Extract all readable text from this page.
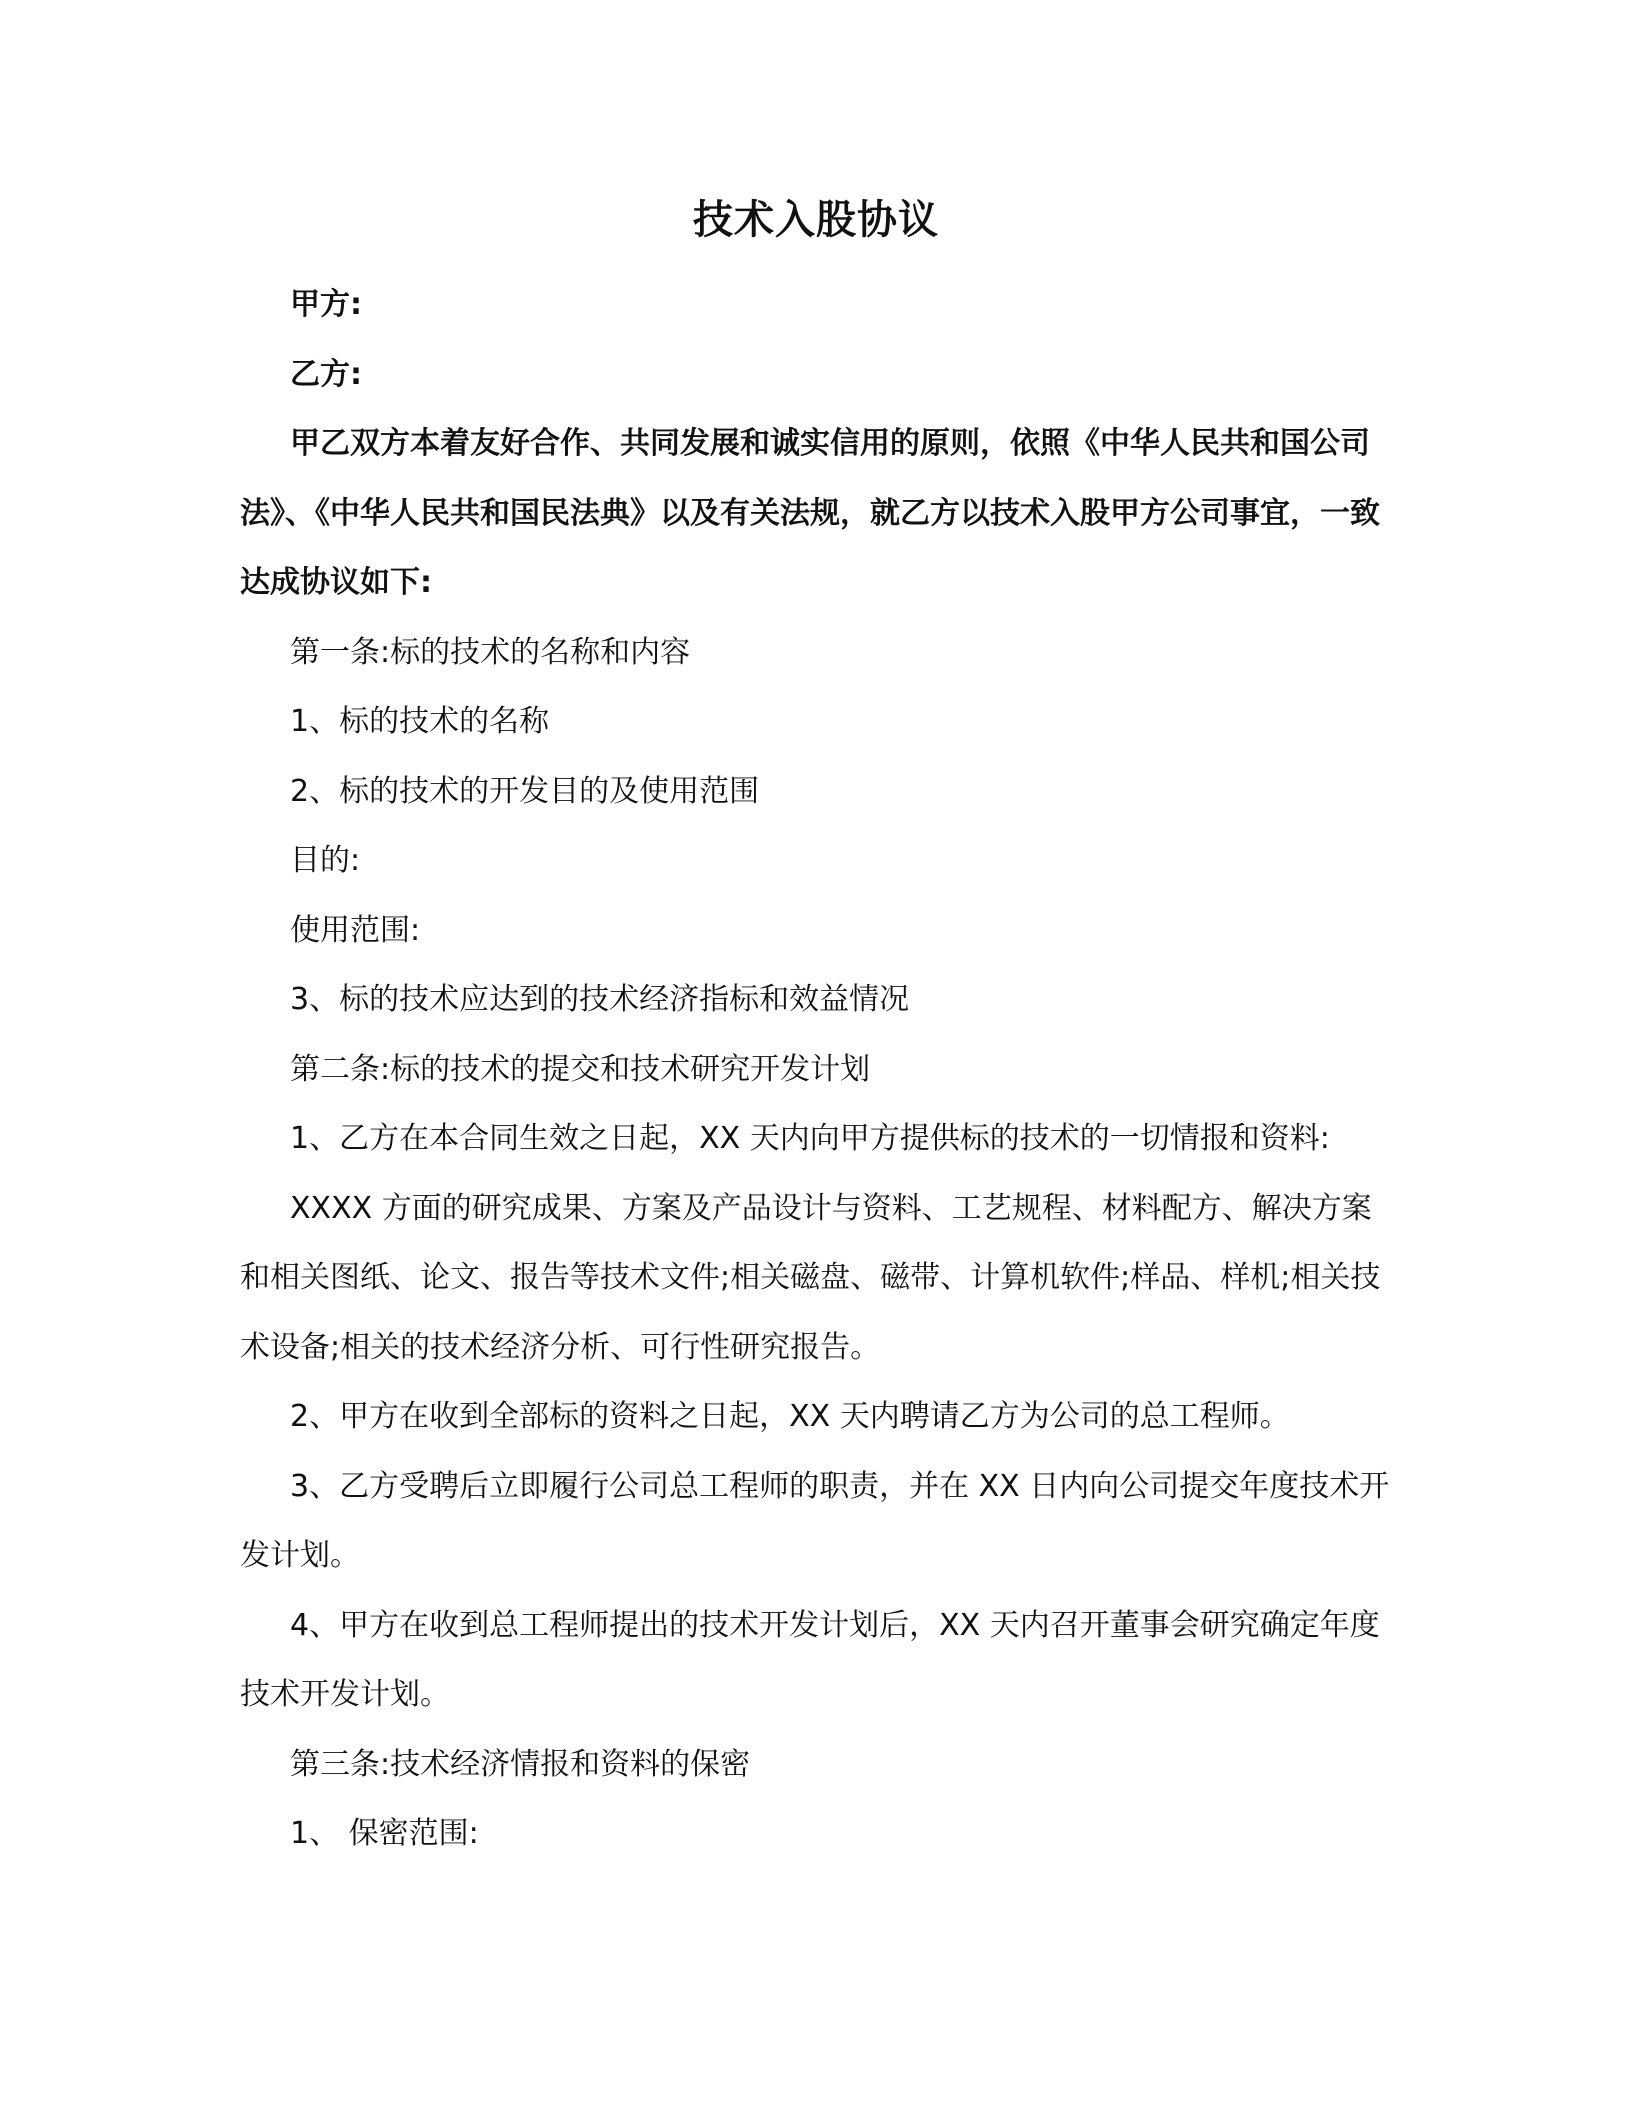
技术入股协议

甲方:

乙方:

甲乙双方本着友好合作、共同发展和诚实信用的原则，依照《中华人民共和国公司法》、《中华人民共和国民法典》以及有关法规，就乙方以技术入股甲方公司事宜，一致达成协议如下:

第一条:标的技术的名称和内容

1、标的技术的名称

2、标的技术的开发目的及使用范围

目的:

使用范围:

3、标的技术应达到的技术经济指标和效益情况

第二条:标的技术的提交和技术研究开发计划

1、乙方在本合同生效之日起，XX 天内向甲方提供标的技术的一切情报和资料:

XXXX 方面的研究成果、方案及产品设计与资料、工艺规程、材料配方、解决方案和相关图纸、论文、报告等技术文件;相关磁盘、磁带、计算机软件;样品、样机;相关技术设备;相关的技术经济分析、可行性研究报告。

2、甲方在收到全部标的资料之日起，XX 天内聘请乙方为公司的总工程师。

3、乙方受聘后立即履行公司总工程师的职责，并在 XX 日内向公司提交年度技术开发计划。

4、甲方在收到总工程师提出的技术开发计划后，XX 天内召开董事会研究确定年度技术开发计划。

第三条:技术经济情报和资料的保密

1、 保密范围:
